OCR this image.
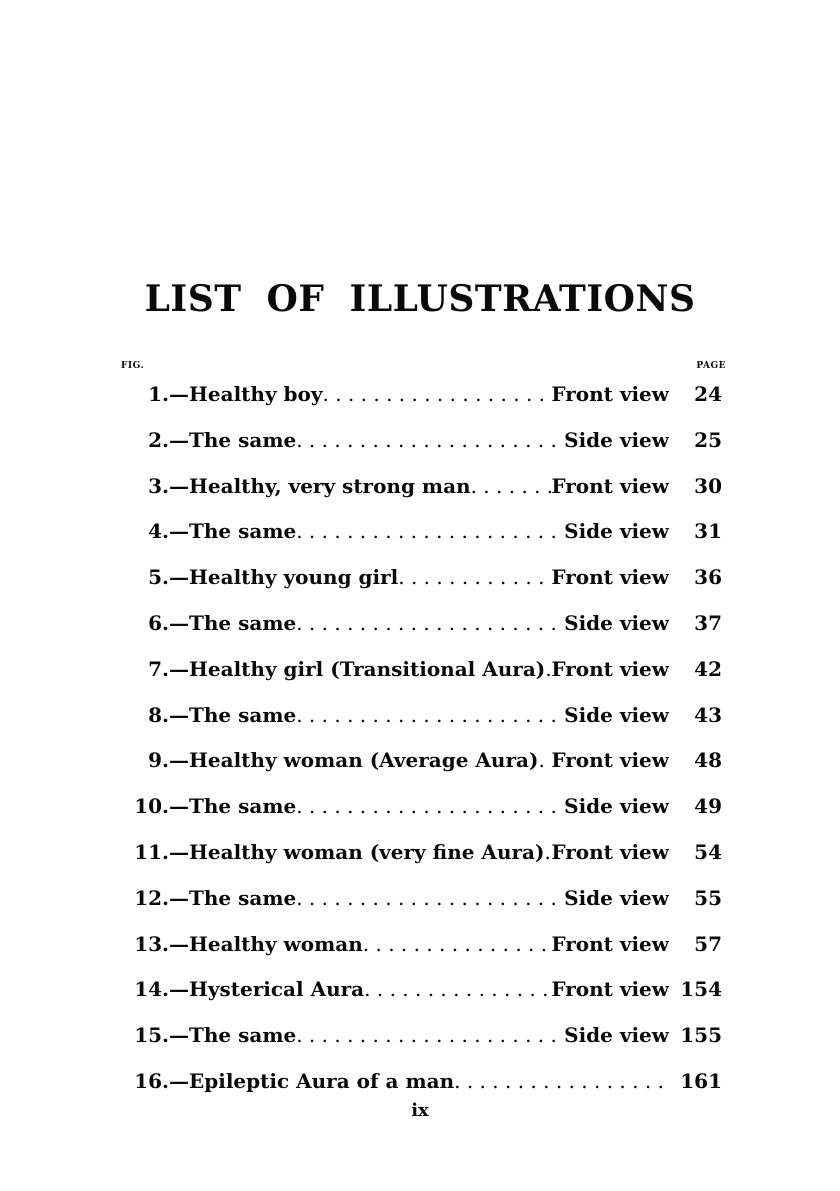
LIST OF ILLUSTRATIONS
FIG.	PAGE
1. —Healthy boy . . .	Front view 24
2. —The same . . .	Side view 25
3. —Healthy, very strong man . . .	Front view 30
4. —The same . . .	Side view 31
5. —Healthy young girl . . .	Front view 36
6. —The same . . .	Side view 37
7. —Healthy girl (Transitional Aura) . . . Front view 42
8. —The same . . .	Side view 43
9. —Healthy woman (Average Aura) . . . Front view 48
10. —The same . . .	Side view 49
11. —Healthy woman (very fine Aura) . . . Front view 54
12. —The same . . .	Side view 55
13. —Healthy woman . . .	Front view 57
14. —Hysterical Aura . . .	Front view 154
15. —The same . . .	Side view 155
16. —Epileptic Aura of a man . . .	161
ix
